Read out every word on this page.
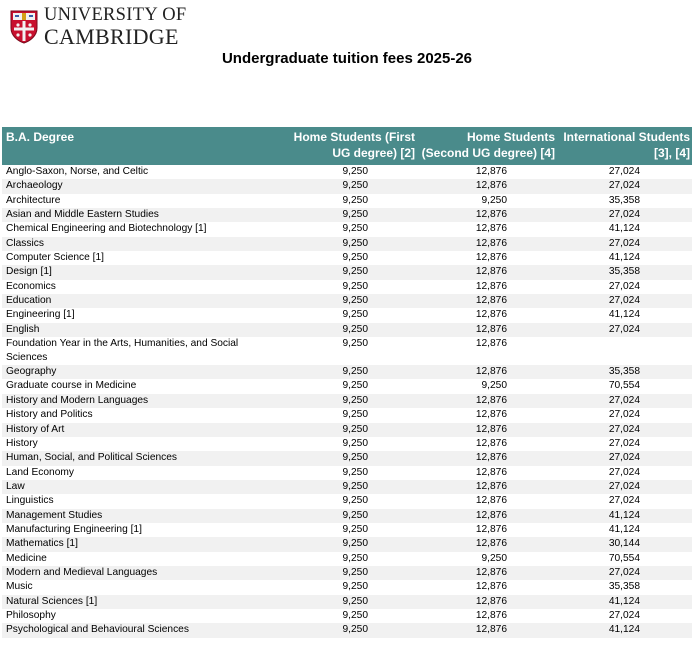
UNIVERSITY OF
CAMBRIDGE
Undergraduate tuition fees 2025-26
B.A. Degree	Home Students (First UG degree) [2]	Home Students (Second UG degree) [4]	International Students [3], [4]
Anglo-Saxon, Norse, and Celtic	9,250	12,876	27,024
Archaeology	9,250	12,876	27,024
Architecture	9,250	9,250	35,358
Asian and Middle Eastern Studies	9,250	12,876	27,024
Chemical Engineering and Biotechnology [1]	9,250	12,876	41,124
Classics	9,250	12,876	27,024
Computer Science [1]	9,250	12,876	41,124
Design [1]	9,250	12,876	35,358
Economics	9,250	12,876	27,024
Education	9,250	12,876	27,024
Engineering [1]	9,250	12,876	41,124
English	9,250	12,876	27,024
Foundation Year in the Arts, Humanities, and Social Sciences	9,250	12,876	
Geography	9,250	12,876	35,358
Graduate course in Medicine	9,250	9,250	70,554
History and Modern Languages	9,250	12,876	27,024
History and Politics	9,250	12,876	27,024
History of Art	9,250	12,876	27,024
History	9,250	12,876	27,024
Human, Social, and Political Sciences	9,250	12,876	27,024
Land Economy	9,250	12,876	27,024
Law	9,250	12,876	27,024
Linguistics	9,250	12,876	27,024
Management Studies	9,250	12,876	41,124
Manufacturing Engineering [1]	9,250	12,876	41,124
Mathematics [1]	9,250	12,876	30,144
Medicine	9,250	9,250	70,554
Modern and Medieval Languages	9,250	12,876	27,024
Music	9,250	12,876	35,358
Natural Sciences [1]	9,250	12,876	41,124
Philosophy	9,250	12,876	27,024
Psychological and Behavioural Sciences	9,250	12,876	41,124
